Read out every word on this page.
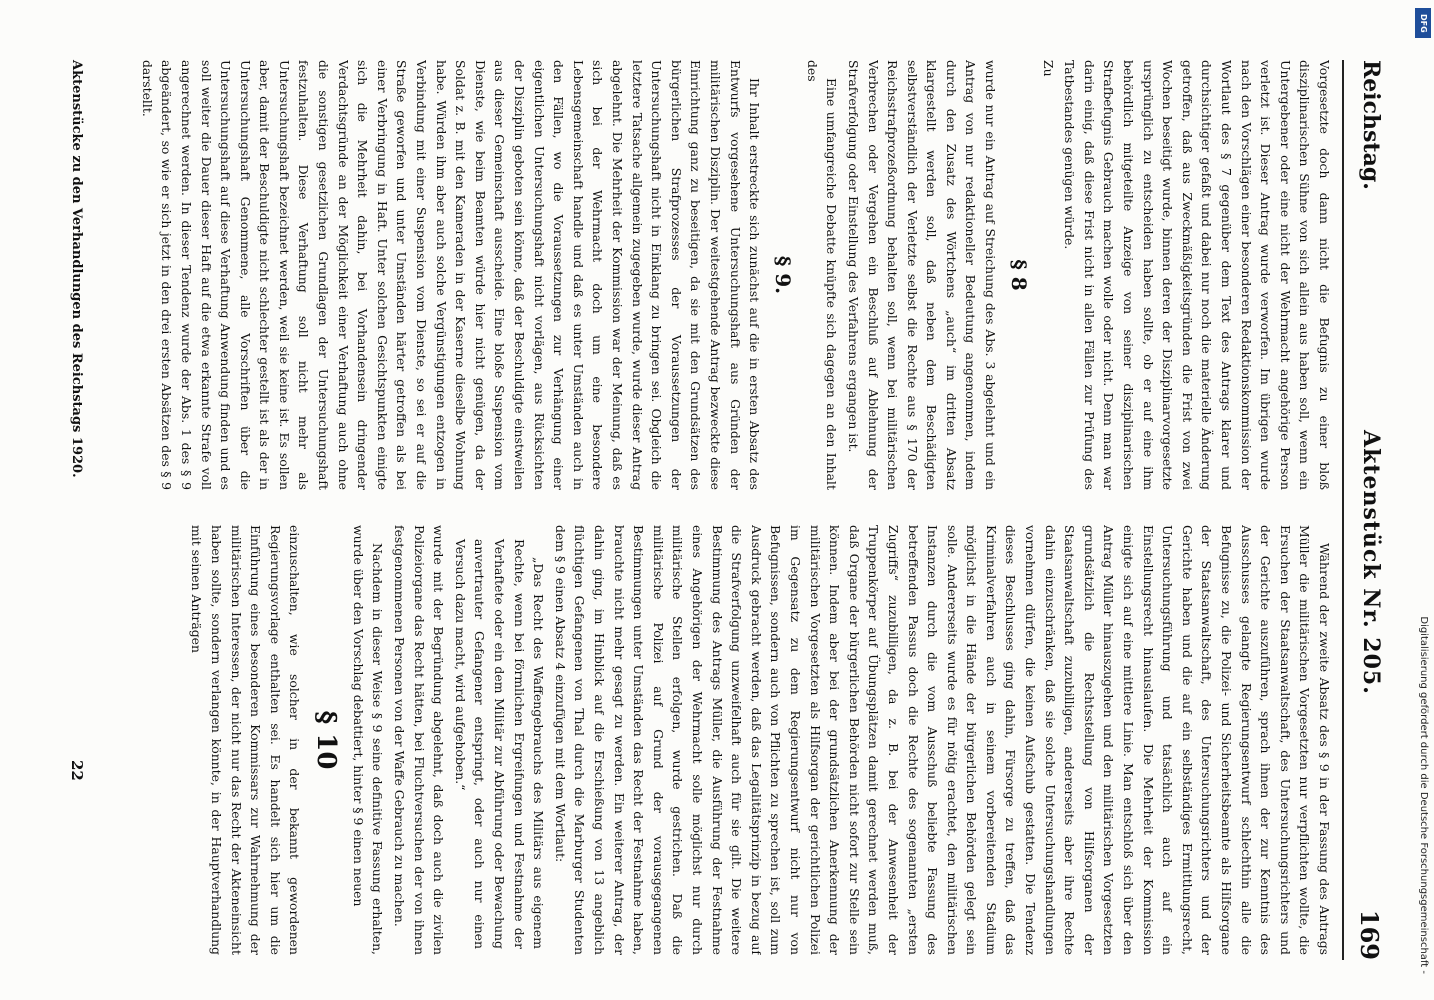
Reichstag.
Aktenstück Nr. 205.
169

Vorgesetzte doch dann nicht die Befugnis zu einer bloß disziplinarischen Sühne von sich allein aus haben soll, wenn ein Untergebener oder eine nicht der Wehrmacht angehörige Person verletzt ist. Dieser Antrag wurde verworfen. Im übrigen wurde nach den Vorschlägen einer besonderen Redaktionskommission der Wortlaut des § 7 gegenüber dem Text des Antrags klarer und durchsichtiger gefaßt und dabei nur noch die materielle Änderung getroffen, daß aus Zweckmäßigkeitsgründen die Frist von zwei Wochen beseitigt wurde, binnen deren der Disziplinarvorgesetzte ursprünglich zu entscheiden haben sollte, ob er auf eine ihm behördlich mitgeteilte Anzeige von seiner disziplinarischen Strafbefugnis Gebrauch machen wolle oder nicht. Denn man war darin einig, daß diese Frist nicht in allen Fällen zur Prüfung des Tatbestandes genügen würde.

Zu

§ 8

wurde nur ein Antrag auf Streichung des Abs. 3 abgelehnt und ein Antrag von nur redaktioneller Bedeutung angenommen, indem durch den Zusatz des Wörtchens „auch“ im dritten Absatz klargestellt werden soll, daß neben dem Beschädigten selbstverständlich der Verletzte selbst die Rechte aus § 170 der Reichsstrafprozeßordnung behalten soll, wenn bei militärischen Verbrechen oder Vergehen ein Beschluß auf Ablehnung der Strafverfolgung oder Einstellung des Verfahrens ergangen ist.

Eine umfangreiche Debatte knüpfte sich dagegen an den Inhalt des

§ 9.

Ihr Inhalt erstreckte sich zunächst auf die in ersten Absatz des Entwurfs vorgesehene Untersuchungshaft aus Gründen der militärischen Disziplin. Der weitestgehende Antrag bezweckte diese Einrichtung ganz zu beseitigen, da sie mit den Grundsätzen des bürgerlichen Strafprozesses der Voraussetzungen der Untersuchungshaft nicht in Einklang zu bringen sei. Obgleich die letztere Tatsache allgemein zugegeben wurde, wurde dieser Antrag abgelehnt. Die Mehrheit der Kommission war der Meinung, daß es sich bei der Wehrmacht doch um eine besondere Lebensgemeinschaft handle und daß es unter Umständen auch in den Fällen, wo die Voraussetzungen zur Verhängung einer eigentlichen Untersuchungshaft nicht vorlägen, aus Rücksichten der Disziplin geboten sein könne, daß der Beschuldigte einstweilen aus dieser Gemeinschaft ausscheide. Eine bloße Suspension vom Dienste, wie beim Beamten würde hier nicht genügen, da der Soldat z. B. mit den Kameraden in der Kaserne dieselbe Wohnung habe. Würden ihm aber auch solche Vergünstigungen entzogen in Verbindung mit einer Suspension vom Dienste, so sei er auf die Straße geworfen und unter Umständen härter getroffen als bei einer Verbringung in Haft. Unter solchen Gesichtspunkten einigte sich die Mehrheit dahin, bei Vorhandensein dringender Verdachtsgründe an der Möglichkeit einer Verhaftung auch ohne die sonstigen gesetzlichen Grundlagen der Untersuchungshaft festzuhalten. Diese Verhaftung soll nicht mehr als Untersuchungshaft bezeichnet werden, weil sie keine ist. Es sollen aber, damit der Beschuldigte nicht schlechter gestellt ist als der in Untersuchungshaft Genommene, alle Vorschriften über die Untersuchungshaft auf diese Verhaftung Anwendung finden und es soll weiter die Dauer dieser Haft auf die etwa erkannte Strafe voll angerechnet werden. In dieser Tendenz wurde der Abs. 1 des § 9 abgeändert, so wie er sich jetzt in den drei ersten Absätzen des § 9 darstellt.

Während der zweite Absatz des § 9 in der Fassung des Antrags Müller die militärischen Vorgesetzten nur verpflichten wollte, die Ersuchen der Staatsanwaltschaft, des Untersuchungsrichters und der Gerichte auszuführen, sprach ihnen der zur Kenntnis des Ausschusses gelangte Regierungsentwurf schlechthin alle die Befugnisse zu, die Polizei- und Sicherheitsbeamte als Hilfsorgane der Staatsanwaltschaft, des Untersuchungsrichters und der Gerichte haben und die auf ein selbständiges Ermittlungsrecht, Untersuchungsführung und tatsächlich auch auf ein Einstellungsrecht hinauslaufen. Die Mehrheit der Kommission einigte sich auf eine mittlere Linie. Man entschloß sich über den Antrag Müller hinauszugehen und den militärischen Vorgesetzten grundsätzlich die Rechtsstellung von Hilfsorganen der Staatsanwaltschaft zuzubilligen, andererseits aber ihre Rechte dahin einzuschränken, daß sie solche Untersuchungshandlungen vornehmen dürfen, die keinen Aufschub gestatten. Die Tendenz dieses Beschlusses ging dahin, Fürsorge zu treffen, daß das Kriminalverfahren auch in seinem vorbereitenden Stadium möglichst in die Hände der bürgerlichen Behörden gelegt sein solle. Andererseits wurde es für nötig erachtet, den militärischen Instanzen durch die vom Ausschuß beliebte Fassung des betreffenden Passus doch die Rechte des sogenannten „ersten Zugriffs“ zuzubilligen, da z. B. bei der Anwesenheit der Truppenkörper auf Übungsplätzen damit gerechnet werden muß, daß Organe der bürgerlichen Behörden nicht sofort zur Stelle sein können. Indem aber bei der grundsätzlichen Anerkennung der militärischen Vorgesetzten als Hilfsorgan der gerichtlichen Polizei im Gegensatz zu dem Regierungsentwurf nicht nur von Befugnissen, sondern auch von Pflichten zu sprechen ist, soll zum Ausdruck gebracht werden, daß das Legalitätsprinzip in bezug auf die Strafverfolgung unzweifelhaft auch für sie gilt. Die weitere Bestimmung des Antrags Müller, die Ausführung der Festnahme eines Angehörigen der Wehrmacht solle möglichst nur durch militärische Stellen erfolgen, wurde gestrichen. Daß die militärische Polizei auf Grund der vorausgegangenen Bestimmungen unter Umständen das Recht der Festnahme haben, brauchte nicht mehr gesagt zu werden. Ein weiterer Antrag, der dahin ging, im Hinblick auf die Erschießung von 13 angeblich flüchtigen Gefangenen von Thal durch die Marburger Studenten dem § 9 einen Absatz 4 einzufügen mit dem Wortlaut:

„Das Recht des Waffengebrauchs des Militärs aus eigenem Rechte, wenn bei förmlichen Ergreifungen und Festnahme der Verhaftete oder ein dem Militär zur Abführung oder Bewachung anvertrauter Gefangener entspringt, oder auch nur einen Versuch dazu macht, wird aufgehoben.“

wurde mit der Begründung abgelehnt, daß doch auch die zivilen Polizeiorgane das Recht hätten, bei Fluchtversuchen der von ihnen festgenommenen Personen von der Waffe Gebrauch zu machen.

Nachdem in dieser Weise § 9 seine definitive Fassung erhalten, wurde über den Vorschlag debattiert, hinter § 9 einen neuen

§ 10

einzuschalten, wie solcher in der bekannt gewordenen Regierungsvorlage enthalten sei. Es handelt sich hier um die Einführung eines besonderen Kommissars zur Wahrnehmung der militärischen Interessen, der nicht nur das Recht der Akteneinsicht haben sollte, sondern verlangen könnte, in der Hauptverhandlung mit seinen Anträgen

Aktenstücke zu den Verhandlungen des Reichstags 1920.
22	Digitalisierung gefördert durch die Deutsche Forschungsgemeinschaft -
DFG
